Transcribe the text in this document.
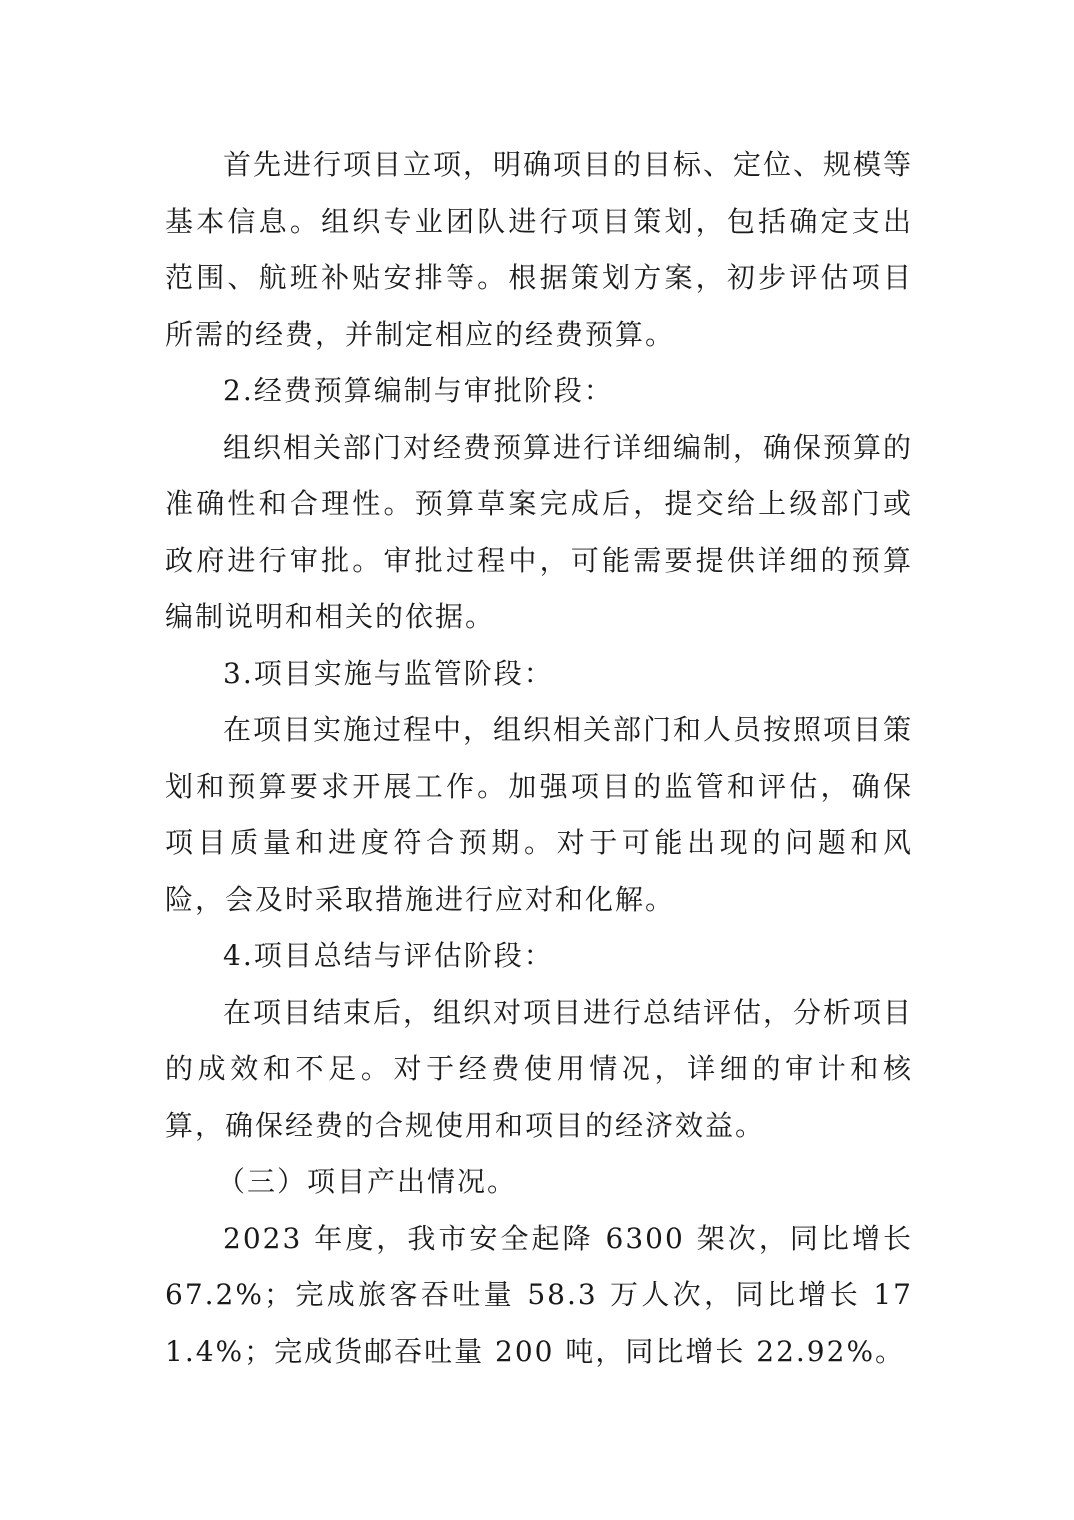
首先进行项目立项，明确项目的目标、定位、规模等基本信息。组织专业团队进行项目策划，包括确定支出范围、航班补贴安排等。根据策划方案，初步评估项目所需的经费，并制定相应的经费预算。

2.经费预算编制与审批阶段：

组织相关部门对经费预算进行详细编制，确保预算的准确性和合理性。预算草案完成后，提交给上级部门或政府进行审批。审批过程中，可能需要提供详细的预算编制说明和相关的依据。

3.项目实施与监管阶段：

在项目实施过程中，组织相关部门和人员按照项目策划和预算要求开展工作。加强项目的监管和评估，确保项目质量和进度符合预期。对于可能出现的问题和风险，会及时采取措施进行应对和化解。

4.项目总结与评估阶段：

在项目结束后，组织对项目进行总结评估，分析项目的成效和不足。对于经费使用情况，详细的审计和核算，确保经费的合规使用和项目的经济效益。

（三）项目产出情况。

2023 年度，我市安全起降 6300 架次，同比增长 67.2%；完成旅客吞吐量 58.3 万人次，同比增长 171.4%；完成货邮吞吐量 200 吨，同比增长 22.92%。
